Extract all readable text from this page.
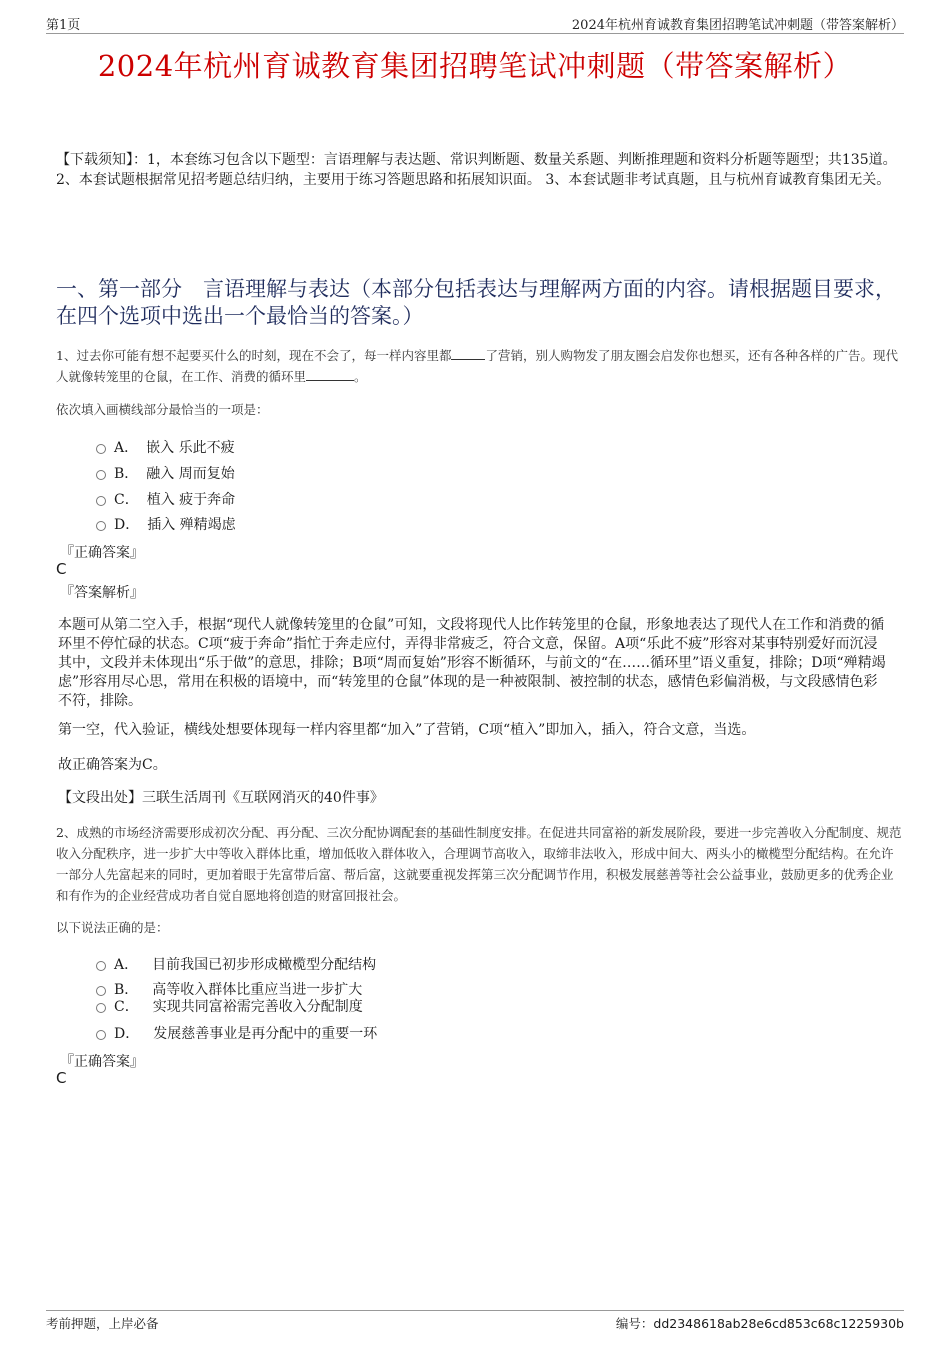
第1页	2024年杭州育诚教育集团招聘笔试冲刺题（带答案解析）
2024年杭州育诚教育集团招聘笔试冲刺题（带答案解析）
【下载须知】：1，本套练习包含以下题型：言语理解与表达题、常识判断题、数量关系题、判断推理题和资料分析题等题型；共135道。 2、本套试题根据常见招考题总结归纳，主要用于练习答题思路和拓展知识面。 3、本套试题非考试真题，且与杭州育诚教育集团无关。
一、第一部分　言语理解与表达（本部分包括表达与理解两方面的内容。请根据题目要求，在四个选项中选出一个最恰当的答案。）
1、过去你可能有想不起要买什么的时刻，现在不会了，每一样内容里都	了营销，别人购物发了朋友圈会启发你也想买，还有各种各样的广告。现代人就像转笼里的仓鼠，在工作、消费的循环里	。
依次填入画横线部分最恰当的一项是：
A． 嵌入 乐此不疲
B． 融入 周而复始
C． 植入 疲于奔命
D． 插入 殚精竭虑
『正确答案』
C
『答案解析』
本题可从第二空入手，根据“现代人就像转笼里的仓鼠”可知，文段将现代人比作转笼里的仓鼠，形象地表达了现代人在工作和消费的循环里不停忙碌的状态。C项“疲于奔命”指忙于奔走应付，弄得非常疲乏，符合文意，保留。A项“乐此不疲”形容对某事特别爱好而沉浸其中，文段并未体现出“乐于做”的意思，排除；B项“周而复始”形容不断循环，与前文的“在……循环里”语义重复，排除；D项“殚精竭虑”形容用尽心思，常用在积极的语境中，而“转笼里的仓鼠”体现的是一种被限制、被控制的状态，感情色彩偏消极，与文段感情色彩不符，排除。
第一空，代入验证，横线处想要体现每一样内容里都“加入”了营销，C项“植入”即加入，插入，符合文意，当选。
故正确答案为C。
【文段出处】三联生活周刊《互联网消灭的40件事》
2、成熟的市场经济需要形成初次分配、再分配、三次分配协调配套的基础性制度安排。在促进共同富裕的新发展阶段，要进一步完善收入分配制度、规范收入分配秩序，进一步扩大中等收入群体比重，增加低收入群体收入，合理调节高收入，取缔非法收入，形成中间大、两头小的橄榄型分配结构。在允许一部分人先富起来的同时，更加着眼于先富带后富、帮后富，这就要重视发挥第三次分配调节作用，积极发展慈善等社会公益事业，鼓励更多的优秀企业和有作为的企业经营成功者自觉自愿地将创造的财富回报社会。
以下说法正确的是：
A． 目前我国已初步形成橄榄型分配结构
B． 高等收入群体比重应当进一步扩大
C． 实现共同富裕需完善收入分配制度
D． 发展慈善事业是再分配中的重要一环
『正确答案』
C
考前押题，上岸必备	编号：dd2348618ab28e6cd853c68c1225930b
